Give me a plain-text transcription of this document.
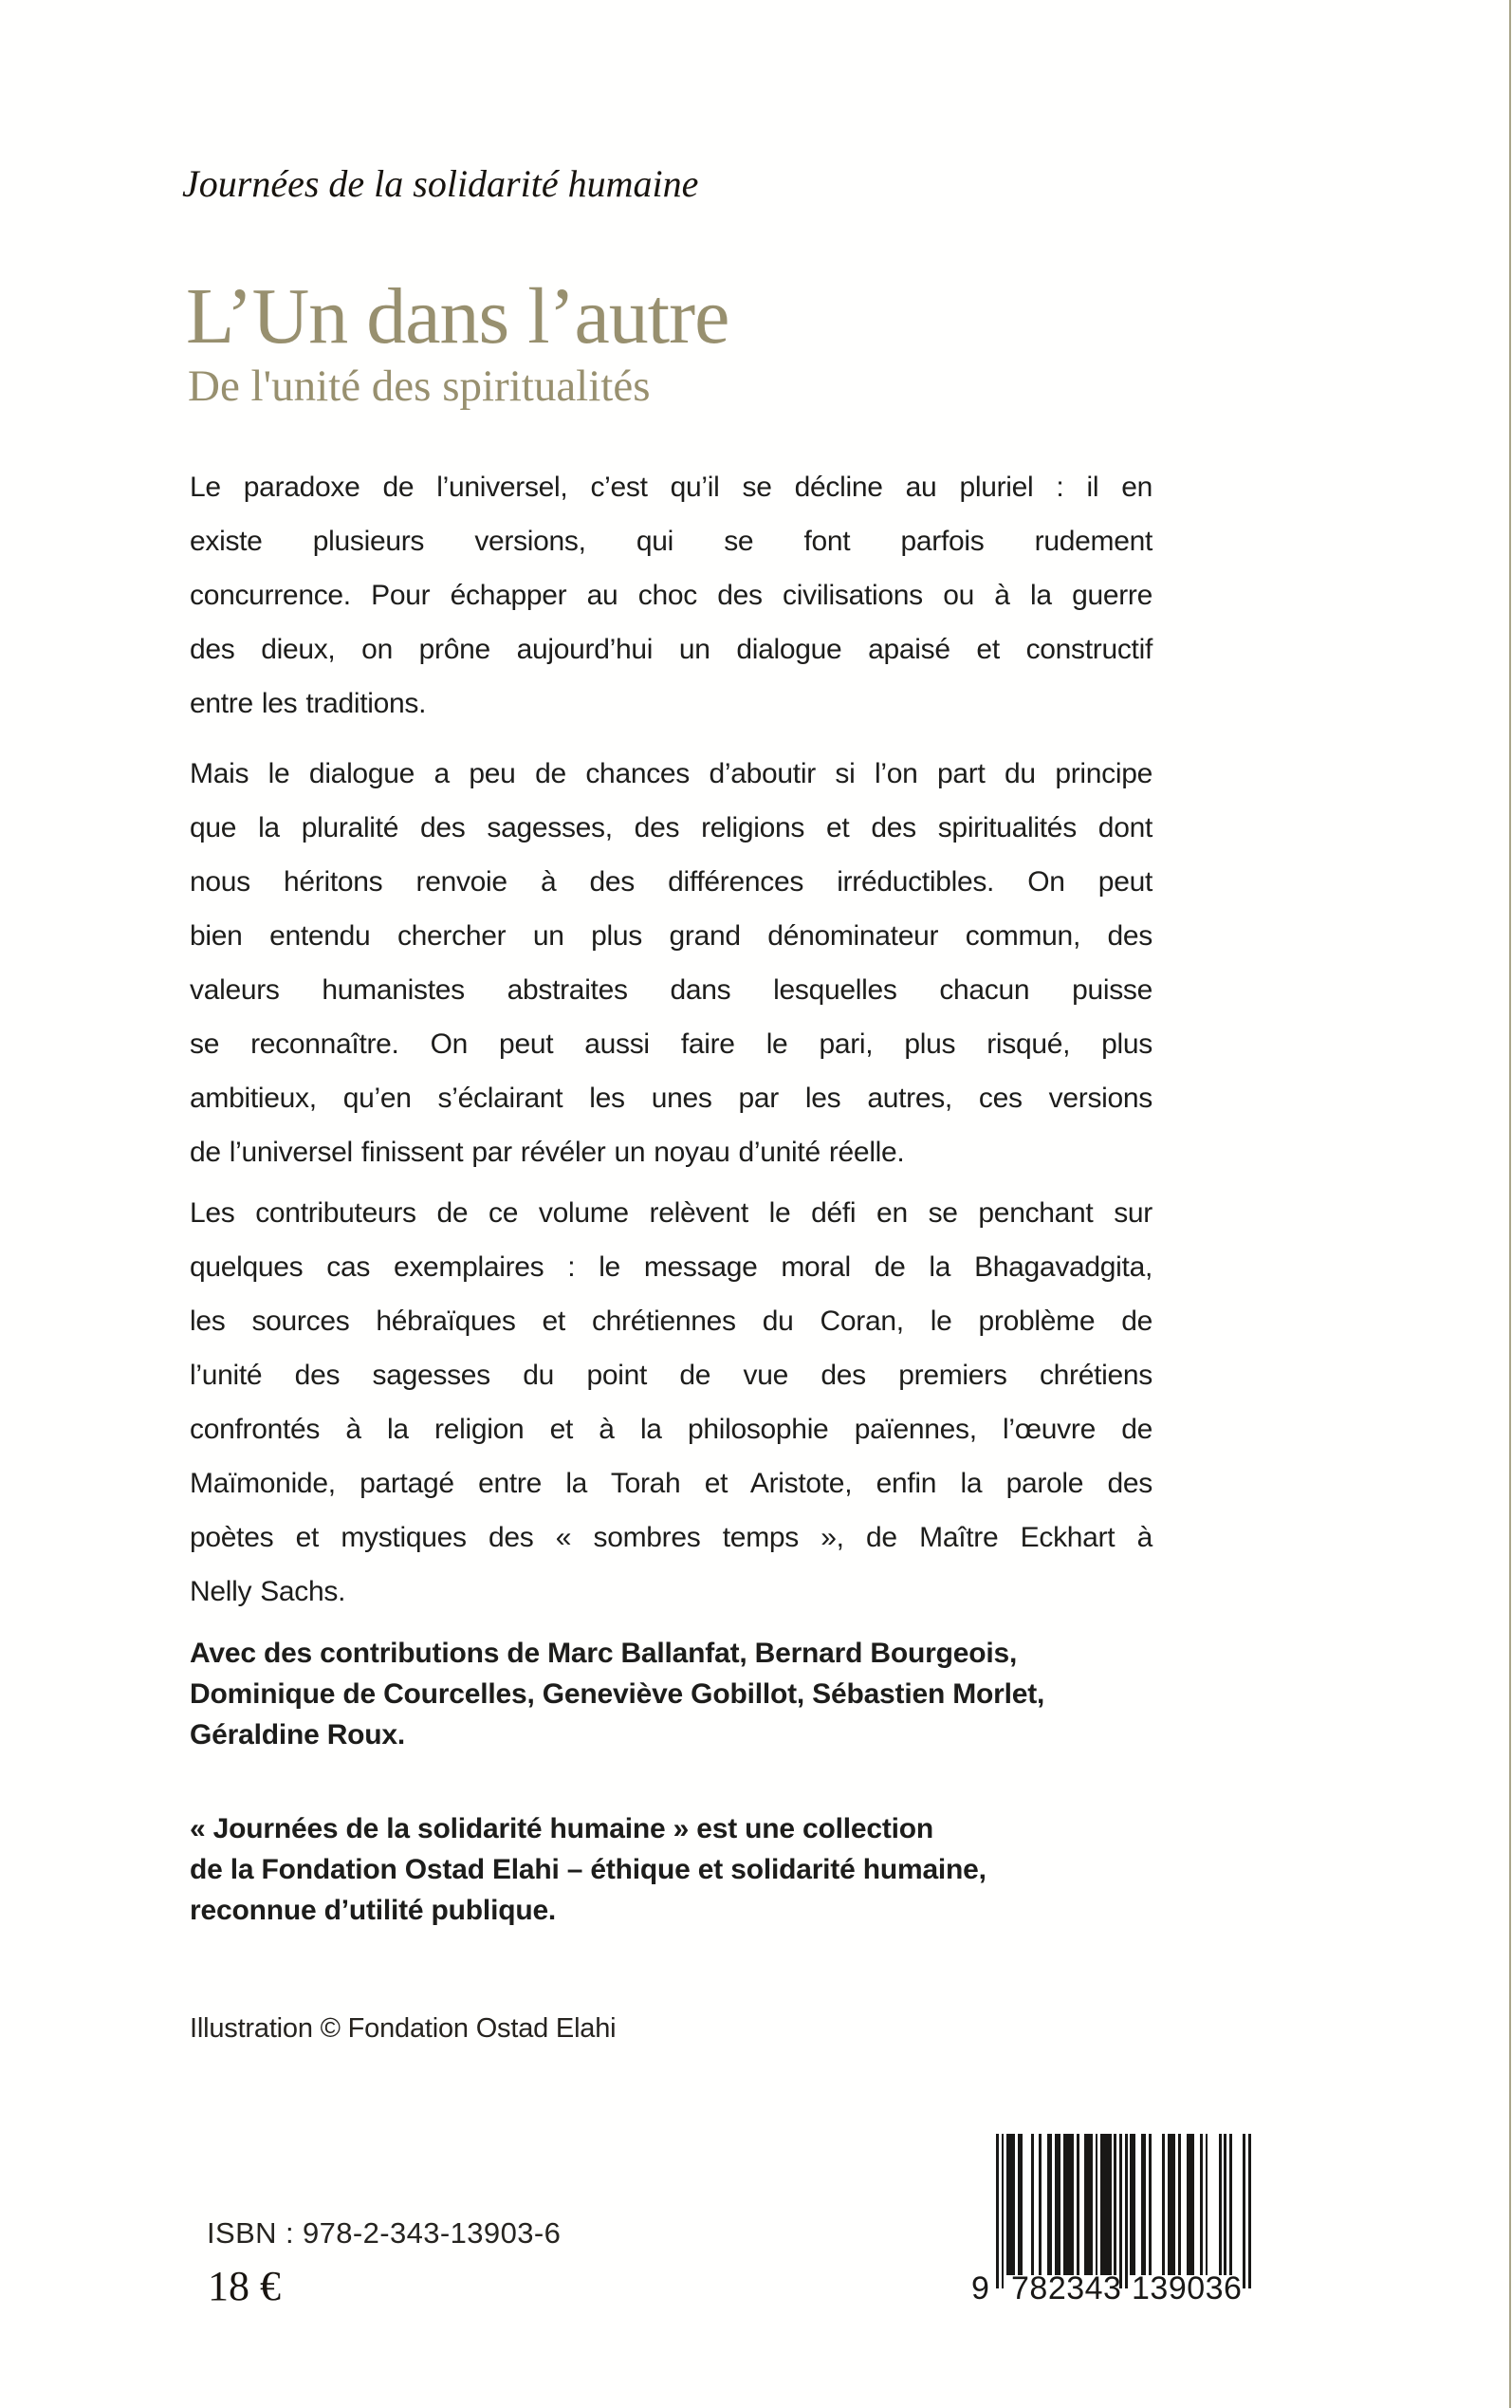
Journées de la solidarité humaine
L’Un dans l’autre
De l'unité des spiritualités
Le paradoxe de l’universel, c’est qu’il se décline au pluriel : il en
existe plusieurs versions, qui se font parfois rudement
concurrence. Pour échapper au choc des civilisations ou à la guerre
des dieux, on prône aujourd’hui un dialogue apaisé et constructif
entre les traditions.
Mais le dialogue a peu de chances d’aboutir si l’on part du principe
que la pluralité des sagesses, des religions et des spiritualités dont
nous héritons renvoie à des différences irréductibles. On peut
bien entendu chercher un plus grand dénominateur commun, des
valeurs humanistes abstraites dans lesquelles chacun puisse
se reconnaître. On peut aussi faire le pari, plus risqué, plus
ambitieux, qu’en s’éclairant les unes par les autres, ces versions
de l’universel finissent par révéler un noyau d’unité réelle.
Les contributeurs de ce volume relèvent le défi en se penchant sur
quelques cas exemplaires : le message moral de la Bhagavadgita,
les sources hébraïques et chrétiennes du Coran, le problème de
l’unité des sagesses du point de vue des premiers chrétiens
confrontés à la religion et à la philosophie païennes, l’œuvre de
Maïmonide, partagé entre la Torah et Aristote, enfin la parole des
poètes et mystiques des « sombres temps », de Maître Eckhart à
Nelly Sachs.
Avec des contributions de Marc Ballanfat, Bernard Bourgeois,
Dominique de Courcelles, Geneviève Gobillot, Sébastien Morlet,
Géraldine Roux.
« Journées de la solidarité humaine » est une collection
de la Fondation Ostad Elahi – éthique et solidarité humaine,
reconnue d’utilité publique.
Illustration © Fondation Ostad Elahi
ISBN : 978-2-343-13903-6
18 €	9 782343 139036
